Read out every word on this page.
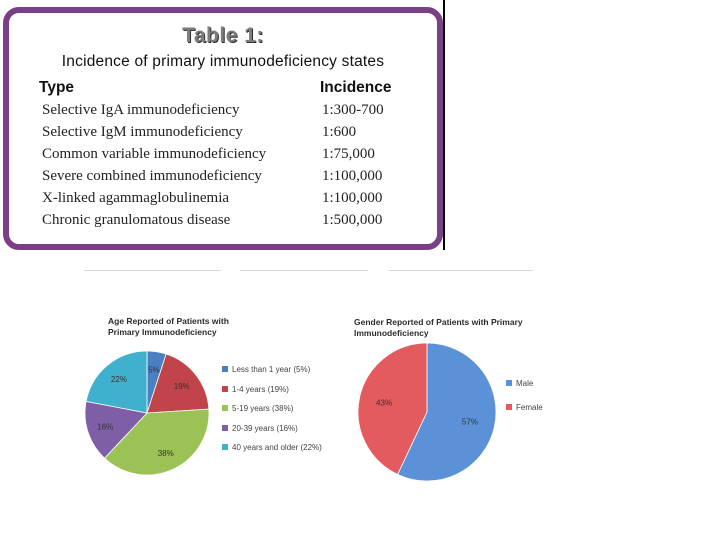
Table 1:
Incidence of primary immunodeficiency states
Type	Incidence
Selective IgA immunodeficiency	1:300-700
Selective IgM immunodeficiency	1:600
Common variable immunodeficiency	1:75,000
Severe combined immunodeficiency	1:100,000
X-linked agammaglobulinemia	1:100,000
Chronic granulomatous disease	1:500,000
Age Reported of Patients with
Primary Immunodeficiency
5%
19%
38%
16%
22%
Less than 1 year (5%)
1-4 years (19%)
5-19 years (38%)
20-39 years (16%)
40 years and older (22%)
Gender Reported of Patients with Primary
Immunodeficiency
57%
43%
Male
Female
